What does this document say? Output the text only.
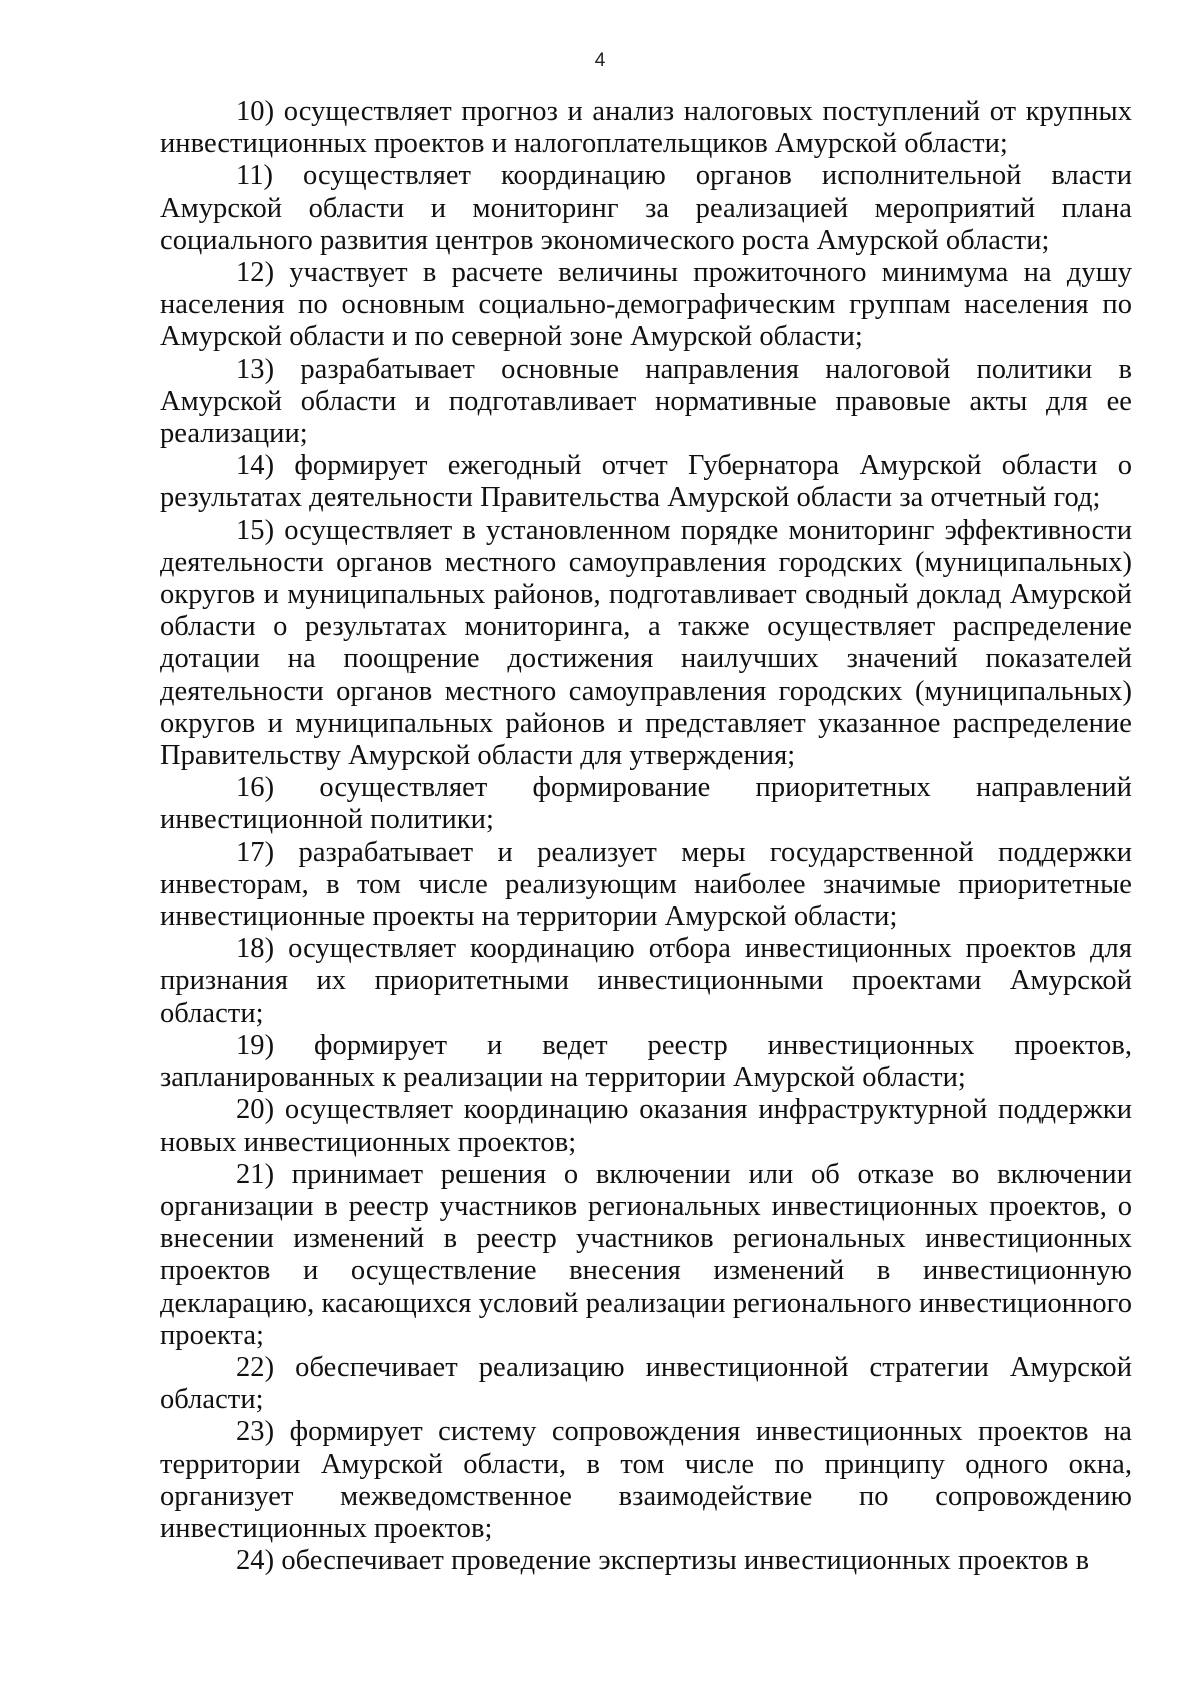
4

10) осуществляет прогноз и анализ налоговых поступлений от крупных инвестиционных проектов и налогоплательщиков Амурской области;

11) осуществляет координацию органов исполнительной власти Амурской области и мониторинг за реализацией мероприятий плана социального развития центров экономического роста Амурской области;

12) участвует в расчете величины прожиточного минимума на душу населения по основным социально-демографическим группам населения по Амурской области и по северной зоне Амурской области;

13) разрабатывает основные направления налоговой политики в Амурской области и подготавливает нормативные правовые акты для ее реализации;

14) формирует ежегодный отчет Губернатора Амурской области о результатах деятельности Правительства Амурской области за отчетный год;

15) осуществляет в установленном порядке мониторинг эффективности деятельности органов местного самоуправления городских (муниципальных) округов и муниципальных районов, подготавливает сводный доклад Амурской области о результатах мониторинга, а также осуществляет распределение дотации на поощрение достижения наилучших значений показателей деятельности органов местного самоуправления городских (муниципальных) округов и муниципальных районов и представляет указанное распределение Правительству Амурской области для утверждения;

16) осуществляет формирование приоритетных направлений инвестиционной политики;

17) разрабатывает и реализует меры государственной поддержки инвесторам, в том числе реализующим наиболее значимые приоритетные инвестиционные проекты на территории Амурской области;

18) осуществляет координацию отбора инвестиционных проектов для признания их приоритетными инвестиционными проектами Амурской области;

19) формирует и ведет реестр инвестиционных проектов, запланированных к реализации на территории Амурской области;

20) осуществляет координацию оказания инфраструктурной поддержки новых инвестиционных проектов;

21) принимает решения о включении или об отказе во включении организации в реестр участников региональных инвестиционных проектов, о внесении изменений в реестр участников региональных инвестиционных проектов и осуществление внесения изменений в инвестиционную декларацию, касающихся условий реализации регионального инвестиционного проекта;

22) обеспечивает реализацию инвестиционной стратегии Амурской области;

23) формирует систему сопровождения инвестиционных проектов на территории Амурской области, в том числе по принципу одного окна, организует межведомственное взаимодействие по сопровождению инвестиционных проектов;

24) обеспечивает проведение экспертизы инвестиционных проектов в
